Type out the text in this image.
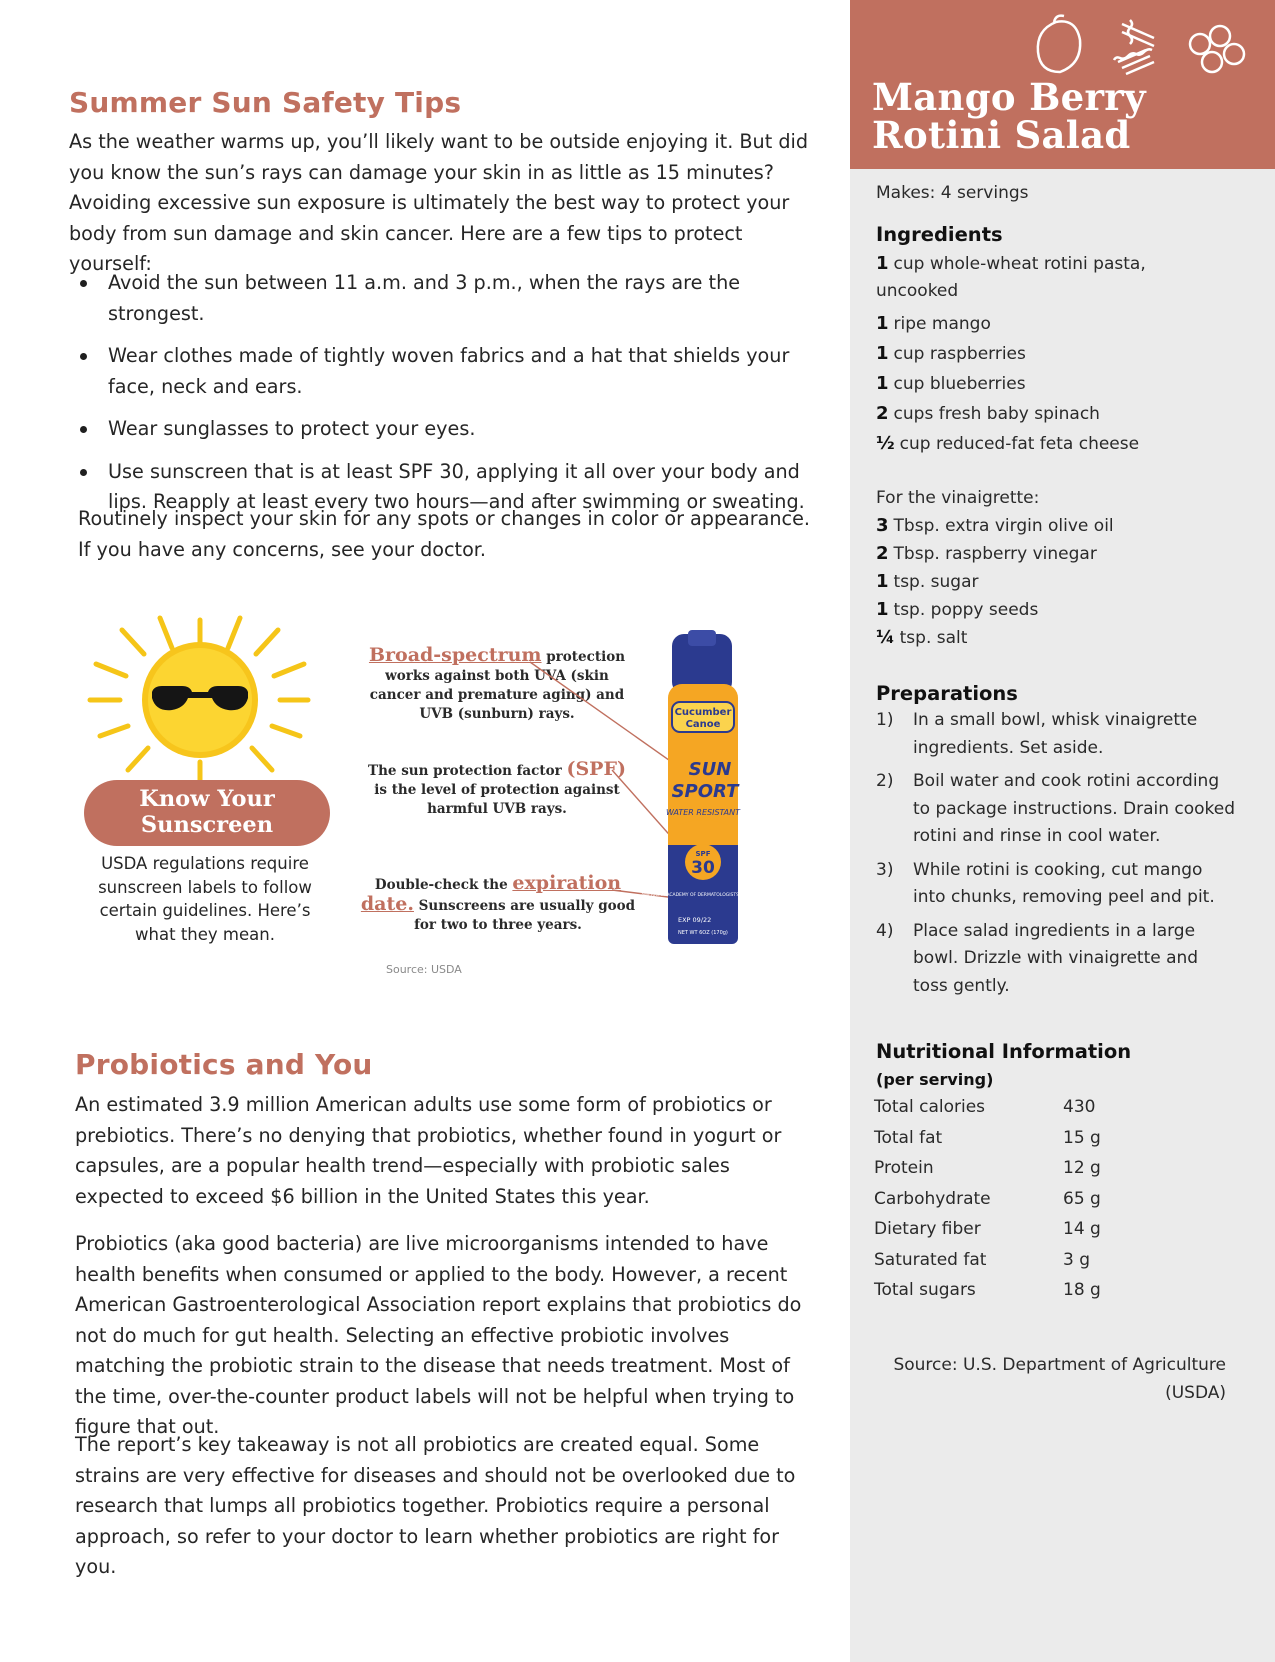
Summer Sun Safety Tips

As the weather warms up, you’ll likely want to be outside enjoying it. But did you know the sun’s rays can damage your skin in as little as 15 minutes? Avoiding excessive sun exposure is ultimately the best way to protect your body from sun damage and skin cancer. Here are a few tips to protect yourself:

Avoid the sun between 11 a.m. and 3 p.m., when the rays are the strongest.
Wear clothes made of tightly woven fabrics and a hat that shields your face, neck and ears.
Wear sunglasses to protect your eyes.
Use sunscreen that is at least SPF 30, applying it all over your body and lips. Reapply at least every two hours—and after swimming or sweating.

Routinely inspect your skin for any spots or changes in color or appearance. If you have any concerns, see your doctor.

Know Your
Sunscreen

USDA regulations require sunscreen labels to follow certain guidelines. Here’s what they mean.

Broad-spectrum protection works against both UVA (skin cancer and premature aging) and UVB (sunburn) rays.
The sun protection factor (SPF) is the level of protection against harmful UVB rays.
Double-check the expiration date. Sunscreens are usually good for two to three years.
Cucumber
Canoe
SUN
SPORT
WATER RESISTANT
SPF
30
AMERICAN ACADEMY OF DERMATOLOGISTS APPROVED
EXP 09/22
NET WT 6OZ (170g)
Source: USDA
Probiotics and You

An estimated 3.9 million American adults use some form of probiotics or prebiotics. There’s no denying that probiotics, whether found in yogurt or capsules, are a popular health trend—especially with probiotic sales expected to exceed $6 billion in the United States this year.

Probiotics (aka good bacteria) are live microorganisms intended to have health benefits when consumed or applied to the body. However, a recent American Gastroenterological Association report explains that probiotics do not do much for gut health. Selecting an effective probiotic involves matching the probiotic strain to the disease that needs treatment. Most of the time, over-the-counter product labels will not be helpful when trying to figure that out.

The report’s key takeaway is not all probiotics are created equal. Some strains are very effective for diseases and should not be overlooked due to research that lumps all probiotics together. Probiotics require a personal approach, so refer to your doctor to learn whether probiotics are right for you.

Mango Berry
Rotini Salad
Makes: 4 servings
Ingredients
1 cup whole-wheat rotini pasta, uncooked
1 ripe mango
1 cup raspberries
1 cup blueberries
2 cups fresh baby spinach
½ cup reduced-fat feta cheese
For the vinaigrette:
3 Tbsp. extra virgin olive oil
2 Tbsp. raspberry vinegar
1 tsp. sugar
1 tsp. poppy seeds
¼ tsp. salt
Preparations
1) In a small bowl, whisk vinaigrette ingredients. Set aside.
2) Boil water and cook rotini according to package instructions. Drain cooked rotini and rinse in cool water.
3) While rotini is cooking, cut mango into chunks, removing peel and pit.
4) Place salad ingredients in a large bowl. Drizzle with vinaigrette and toss gently.
Nutritional Information
(per serving)
Total calories	430
Total fat	15 g
Protein	12 g
Carbohydrate	65 g
Dietary fiber	14 g
Saturated fat	3 g
Total sugars	18 g
Source: U.S. Department of Agriculture (USDA)
